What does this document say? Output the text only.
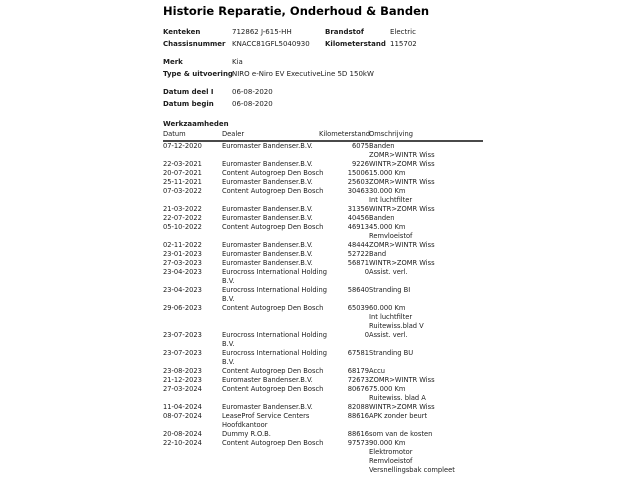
Historie Reparatie, Onderhoud & Banden
Kenteken	712862 J-615-HH	Brandstof	Electric
Chassisnummer KNACC81GFL5040930	Kilometerstand 115702
Merk	Kia
Type & uitvoering NIRO e-Niro EV ExecutiveLine 5D 150kW
Datum deel I	06-08-2020
Datum begin	06-08-2020
Werkzaamheden
Datum	Dealer	Kilometerstand	Omschrijving
07-12-2020	Euromaster Bandenser.B.V.	6075	Banden
ZOMR>WINTR Wiss

22-03-2021	Euromaster Bandenser.B.V.	9226	WINTR>ZOMR Wiss

20-07-2021	Content Autogroep Den Bosch	15006	15.000 Km

25-11-2021	Euromaster Bandenser.B.V.	25603	ZOMR>WINTR Wiss

07-03-2022	Content Autogroep Den Bosch	30463	30.000 Km
Int luchtfilter

21-03-2022	Euromaster Bandenser.B.V.	31356	WINTR>ZOMR Wiss

22-07-2022	Euromaster Bandenser.B.V.	40456	Banden

05-10-2022	Content Autogroep Den Bosch	46913	45.000 Km
Remvloeistof

02-11-2022	Euromaster Bandenser.B.V.	48444	ZOMR>WINTR Wiss

23-01-2023	Euromaster Bandenser.B.V.	52722	Band

27-03-2023	Euromaster Bandenser.B.V.	56871	WINTR>ZOMR Wiss

23-04-2023	Eurocross International Holding
B.V.	0	Assist. verl.

23-04-2023	Eurocross International Holding
B.V.	58640	Stranding BI

29-06-2023	Content Autogroep Den Bosch	65039	60.000 Km
Int luchtfilter
Ruitewiss.blad V

23-07-2023	Eurocross International Holding
B.V.	0	Assist. verl.

23-07-2023	Eurocross International Holding
B.V.	67581	Stranding BU

23-08-2023	Content Autogroep Den Bosch	68179	Accu

21-12-2023	Euromaster Bandenser.B.V.	72673	ZOMR>WINTR Wiss

27-03-2024	Content Autogroep Den Bosch	80676	75.000 Km
Ruitewiss. blad A

11-04-2024	Euromaster Bandenser.B.V.	82088	WINTR>ZOMR Wiss

08-07-2024	LeaseProf Service Centers
Hoofdkantoor	88616	APK zonder beurt

20-08-2024	Dummy R.O.B.	88616	som van de kosten

22-10-2024	Content Autogroep Den Bosch	97573	90.000 Km
Elektromotor
Remvloeistof
Versnellingsbak compleet
